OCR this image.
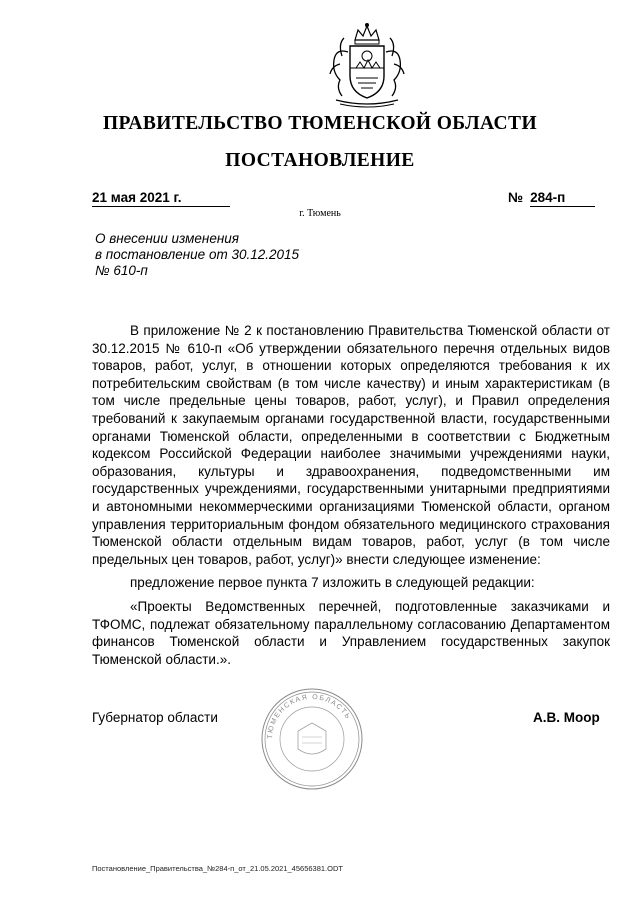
ПРАВИТЕЛЬСТВО ТЮМЕНСКОЙ ОБЛАСТИ
ПОСТАНОВЛЕНИЕ
21 мая 2021 г.	№ 284-п
г. Тюмень
О внесении изменения
в постановление от 30.12.2015
№ 610-п

В приложение № 2 к постановлению Правительства Тюменской области от 30.12.2015 № 610-п «Об утверждении обязательного перечня отдельных видов товаров, работ, услуг, в отношении которых определяются требования к их потребительским свойствам (в том числе качеству) и иным характеристикам (в том числе предельные цены товаров, работ, услуг), и Правил определения требований к закупаемым органами государственной власти, государственными органами Тюменской области, определенными в соответствии с Бюджетным кодексом Российской Федерации наиболее значимыми учреждениями науки, образования, культуры и здравоохранения, подведомственными им государственных учреждениями, государственными унитарными предприятиями и автономными некоммерческими организациями Тюменской области, органом управления территориальным фондом обязательного медицинского страхования Тюменской области отдельным видам товаров, работ, услуг (в том числе предельных цен товаров, работ, услуг)» внести следующее изменение:

предложение первое пункта 7 изложить в следующей редакции:

«Проекты Ведомственных перечней, подготовленные заказчиками и ТФОМС, подлежат обязательному параллельному согласованию Департаментом финансов Тюменской области и Управлением государственных закупок Тюменской области.».

ТЮМЕНСКАЯ ОБЛАСТЬ
Губернатор области	А.В. Моор
Постановление_Правительства_№284-п_от_21.05.2021_45656381.ODT
